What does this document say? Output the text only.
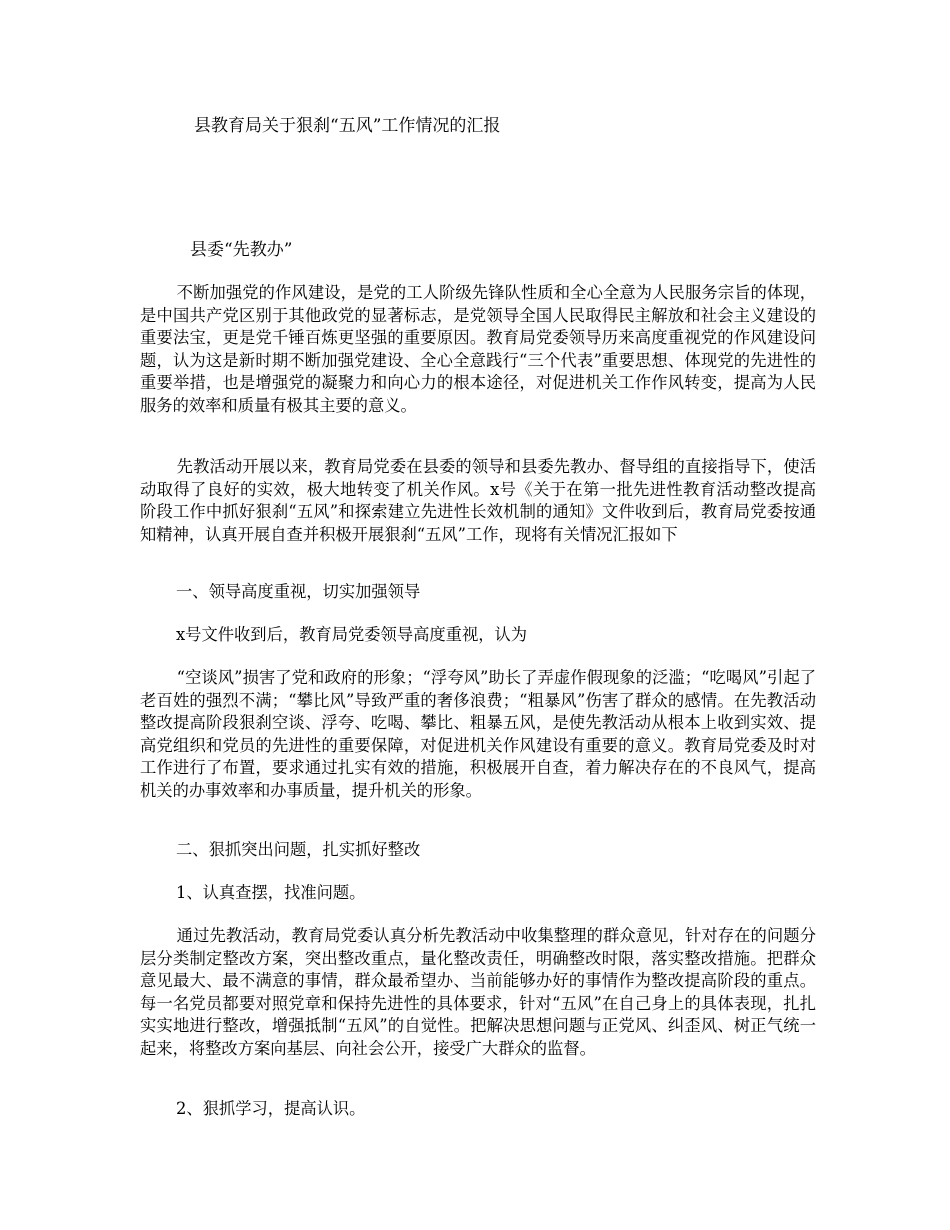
县教育局关于狠刹“五风”工作情况的汇报
县委“先教办”

不断加强党的作风建设，是党的工人阶级先锋队性质和全心全意为人民服务宗旨的体现，是中国共产党区别于其他政党的显著标志，是党领导全国人民取得民主解放和社会主义建设的重要法宝，更是党千锤百炼更坚强的重要原因。教育局党委领导历来高度重视党的作风建设问题，认为这是新时期不断加强党建设、全心全意践行“三个代表”重要思想、体现党的先进性的重要举措，也是增强党的凝聚力和向心力的根本途径，对促进机关工作作风转变，提高为人民服务的效率和质量有极其主要的意义。

先教活动开展以来，教育局党委在县委的领导和县委先教办、督导组的直接指导下，使活动取得了良好的实效，极大地转变了机关作风。x号《关于在第一批先进性教育活动整改提高阶段工作中抓好狠刹“五风”和探索建立先进性长效机制的通知》文件收到后，教育局党委按通知精神，认真开展自查并积极开展狠刹“五风”工作，现将有关情况汇报如下

一、领导高度重视，切实加强领导

x号文件收到后，教育局党委领导高度重视，认为

“空谈风”损害了党和政府的形象；“浮夸风”助长了弄虚作假现象的泛滥；“吃喝风”引起了老百姓的强烈不满；“攀比风”导致严重的奢侈浪费；“粗暴风”伤害了群众的感情。在先教活动整改提高阶段狠刹空谈、浮夸、吃喝、攀比、粗暴五风，是使先教活动从根本上收到实效、提高党组织和党员的先进性的重要保障，对促进机关作风建设有重要的意义。教育局党委及时对工作进行了布置，要求通过扎实有效的措施，积极展开自查，着力解决存在的不良风气，提高机关的办事效率和办事质量，提升机关的形象。

二、狠抓突出问题，扎实抓好整改

1、认真查摆，找准问题。

通过先教活动，教育局党委认真分析先教活动中收集整理的群众意见，针对存在的问题分层分类制定整改方案，突出整改重点，量化整改责任，明确整改时限，落实整改措施。把群众意见最大、最不满意的事情，群众最希望办、当前能够办好的事情作为整改提高阶段的重点。每一名党员都要对照党章和保持先进性的具体要求，针对“五风”在自己身上的具体表现，扎扎实实地进行整改，增强抵制“五风”的自觉性。把解决思想问题与正党风、纠歪风、树正气统一起来，将整改方案向基层、向社会公开，接受广大群众的监督。

2、狠抓学习，提高认识。
